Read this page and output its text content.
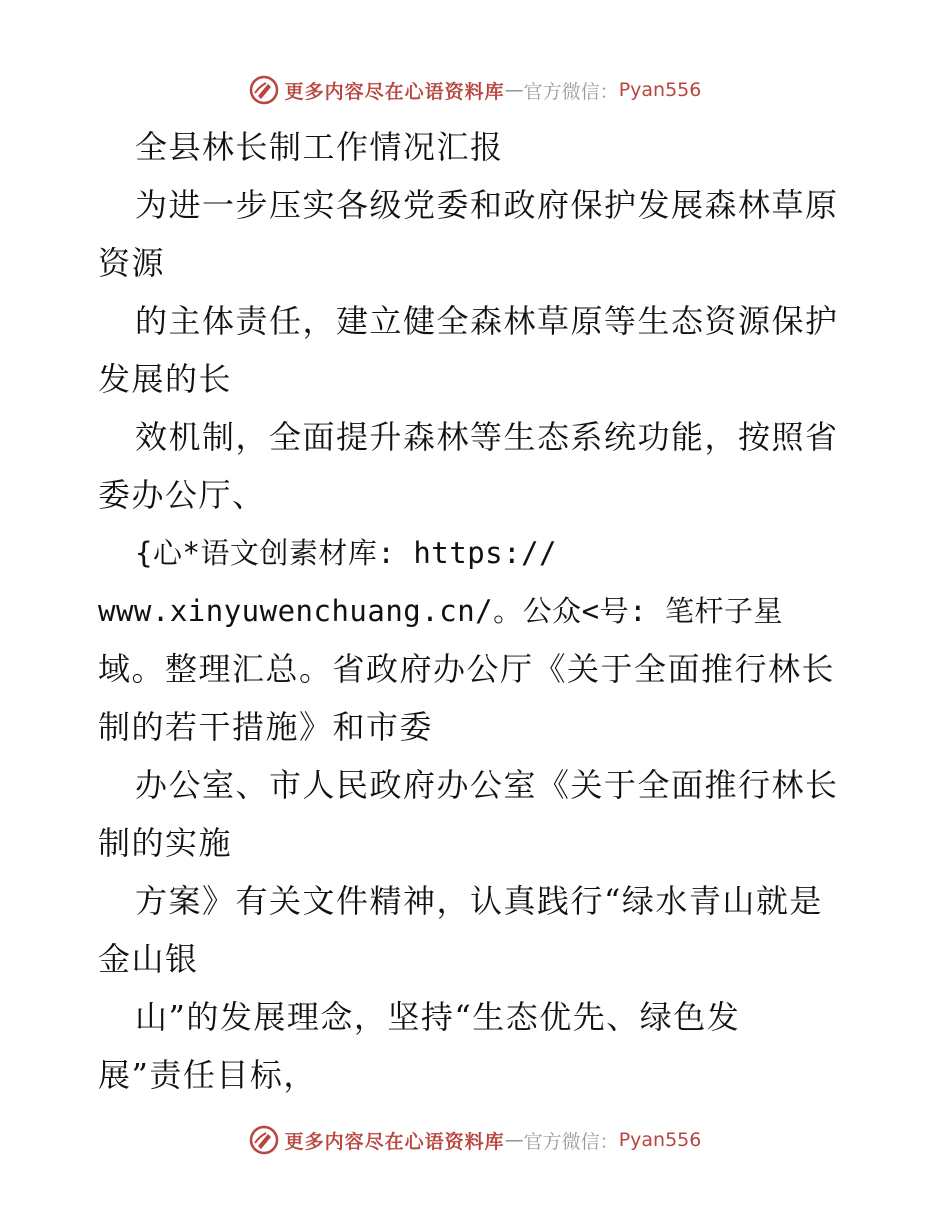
更多内容尽在心语资料库 — 官方微信： Pyan556
全县林长制工作情况汇报
为进一步压实各级党委和政府保护发展森林草原
资源
的主体责任，建立健全森林草原等生态资源保护
发展的长
效机制，全面提升森林等生态系统功能，按照省
委办公厅、
{心*语文创素材库: https://
www.xinyuwenchuang.cn/。公众<号: 笔杆子星
域。整理汇总。省政府办公厅《关于全面推行林长
制的若干措施》和市委
办公室、市人民政府办公室《关于全面推行林长
制的实施
方案》有关文件精神，认真践行“绿水青山就是
金山银
山”的发展理念，坚持“生态优先、绿色发
展”责任目标，
更多内容尽在心语资料库 — 官方微信： Pyan556
